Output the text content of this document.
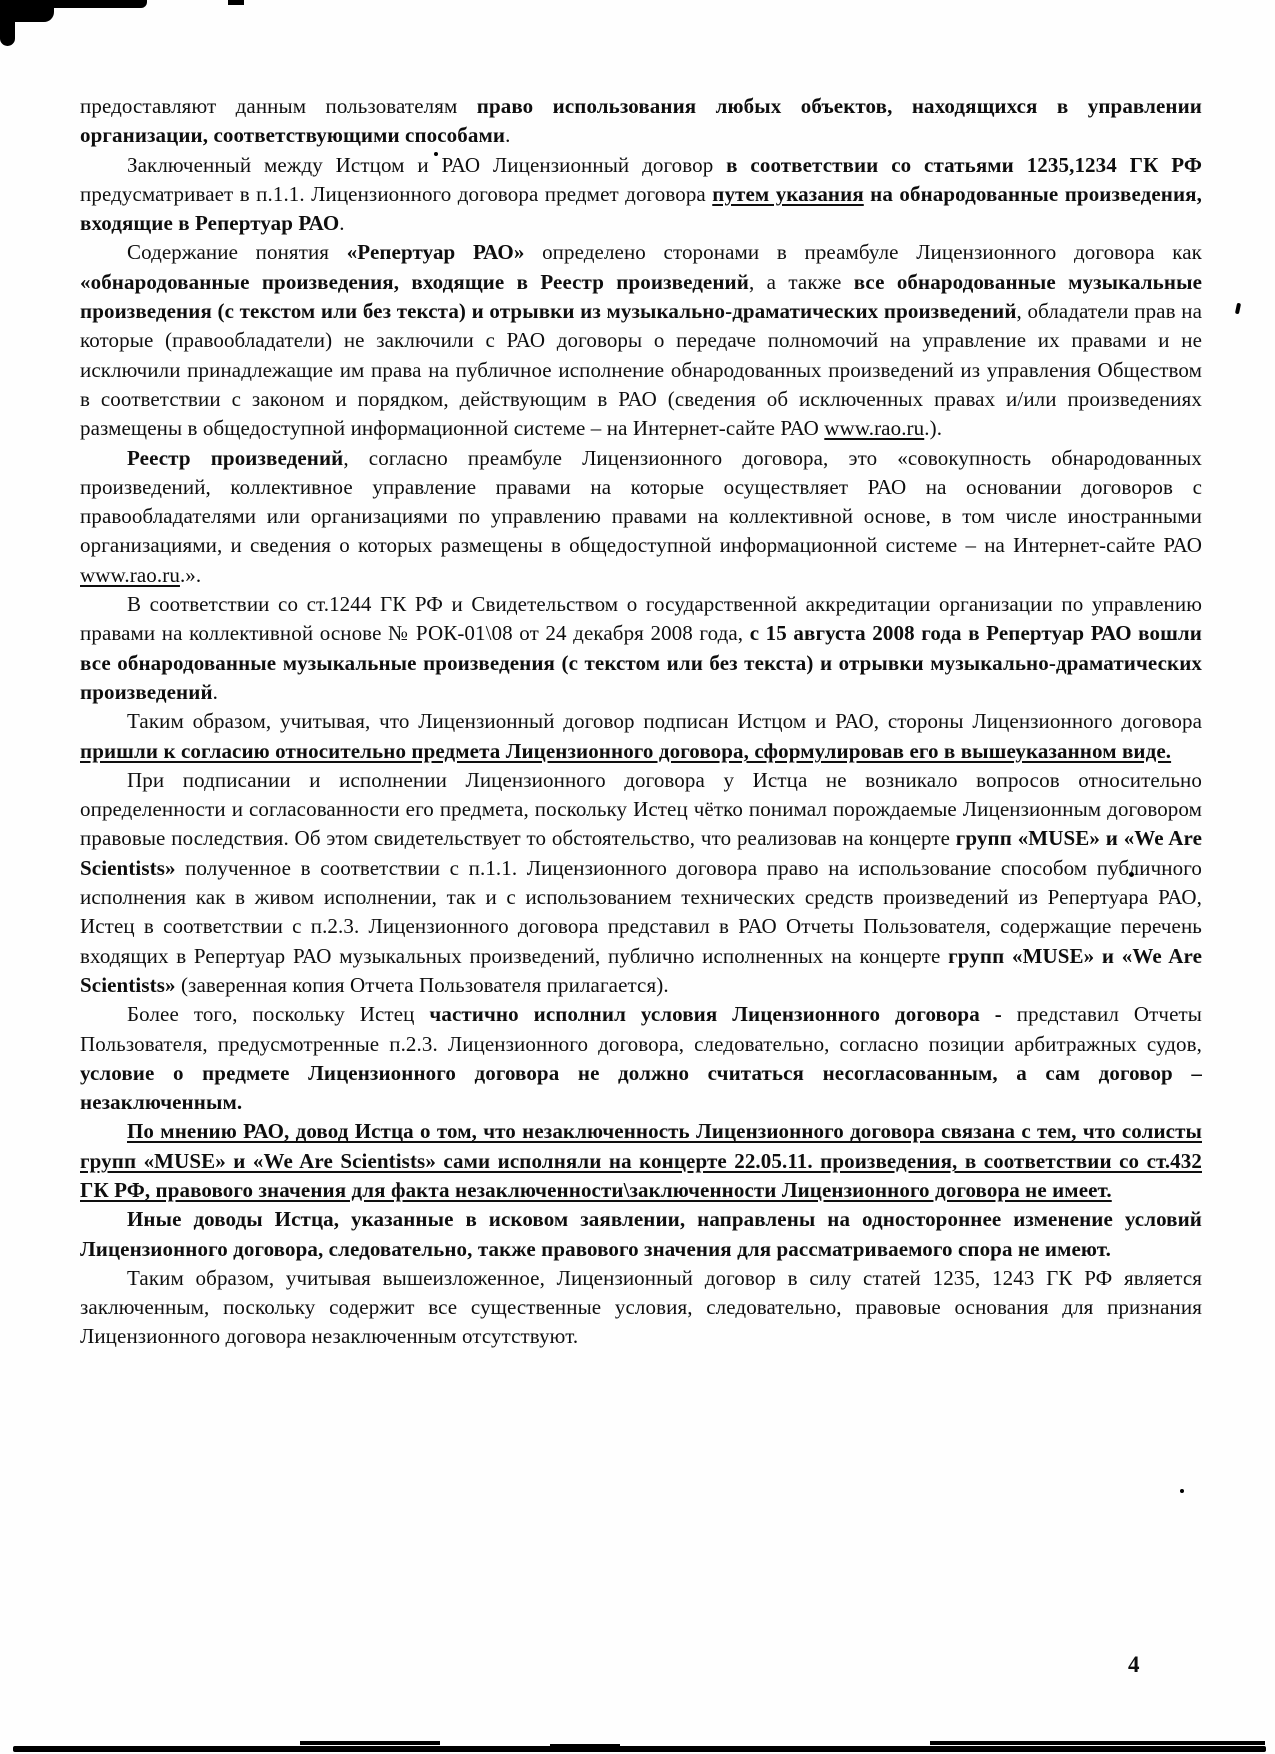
предоставляют данным пользователям право использования любых объектов, находящихся в управлении организации, соответствующими способами.

Заключенный между Истцом и РАО Лицензионный договор в соответствии со статьями 1235,1234 ГК РФ предусматривает в п.1.1. Лицензионного договора предмет договора путем указания на обнародованные произведения, входящие в Репертуар РАО.

Содержание понятия «Репертуар РАО» определено сторонами в преамбуле Лицензионного договора как «обнародованные произведения, входящие в Реестр произведений, а также все обнародованные музыкальные произведения (с текстом или без текста) и отрывки из музыкально-драматических произведений, обладатели прав на которые (правообладатели) не заключили с РАО договоры о передаче полномочий на управление их правами и не исключили принадлежащие им права на публичное исполнение обнародованных произведений из управления Обществом в соответствии с законом и порядком, действующим в РАО (сведения об исключенных правах и/или произведениях размещены в общедоступной информационной системе – на Интернет-сайте РАО www.rao.ru.).

Реестр произведений, согласно преамбуле Лицензионного договора, это «совокупность обнародованных произведений, коллективное управление правами на которые осуществляет РАО на основании договоров с правообладателями или организациями по управлению правами на коллективной основе, в том числе иностранными организациями, и сведения о которых размещены в общедоступной информационной системе – на Интернет-сайте РАО www.rao.ru.».

В соответствии со ст.1244 ГК РФ и Свидетельством о государственной аккредитации организации по управлению правами на коллективной основе № РОК-01\08 от 24 декабря 2008 года, с 15 августа 2008 года в Репертуар РАО вошли все обнародованные музыкальные произведения (с текстом или без текста) и отрывки музыкально-драматических произведений.

Таким образом, учитывая, что Лицензионный договор подписан Истцом и РАО, стороны Лицензионного договора пришли к согласию относительно предмета Лицензионного договора, сформулировав его в вышеуказанном виде.

При подписании и исполнении Лицензионного договора у Истца не возникало вопросов относительно определенности и согласованности его предмета, поскольку Истец чётко понимал порождаемые Лицензионным договором правовые последствия. Об этом свидетельствует то обстоятельство, что реализовав на концерте групп «MUSE» и «We Are Scientists» полученное в соответствии с п.1.1. Лицензионного договора право на использование способом публичного исполнения как в живом исполнении, так и с использованием технических средств произведений из Репертуара РАО, Истец в соответствии с п.2.3. Лицензионного договора представил в РАО Отчеты Пользователя, содержащие перечень входящих в Репертуар РАО музыкальных произведений, публично исполненных на концерте групп «MUSE» и «We Are Scientists» (заверенная копия Отчета Пользователя прилагается).

Более того, поскольку Истец частично исполнил условия Лицензионного договора - представил Отчеты Пользователя, предусмотренные п.2.3. Лицензионного договора, следовательно, согласно позиции арбитражных судов, условие о предмете Лицензионного договора не должно считаться несогласованным, а сам договор – незаключенным.

По мнению РАО, довод Истца о том, что незаключенность Лицензионного договора связана с тем, что солисты групп «MUSE» и «We Are Scientists» сами исполняли на концерте 22.05.11. произведения, в соответствии со ст.432 ГК РФ, правового значения для факта незаключенности\заключенности Лицензионного договора не имеет.

Иные доводы Истца, указанные в исковом заявлении, направлены на одностороннее изменение условий Лицензионного договора, следовательно, также правового значения для рассматриваемого спора не имеют.

Таким образом, учитывая вышеизложенное, Лицензионный договор в силу статей 1235, 1243 ГК РФ является заключенным, поскольку содержит все существенные условия, следовательно, правовые основания для признания Лицензионного договора незаключенным отсутствуют.

4
